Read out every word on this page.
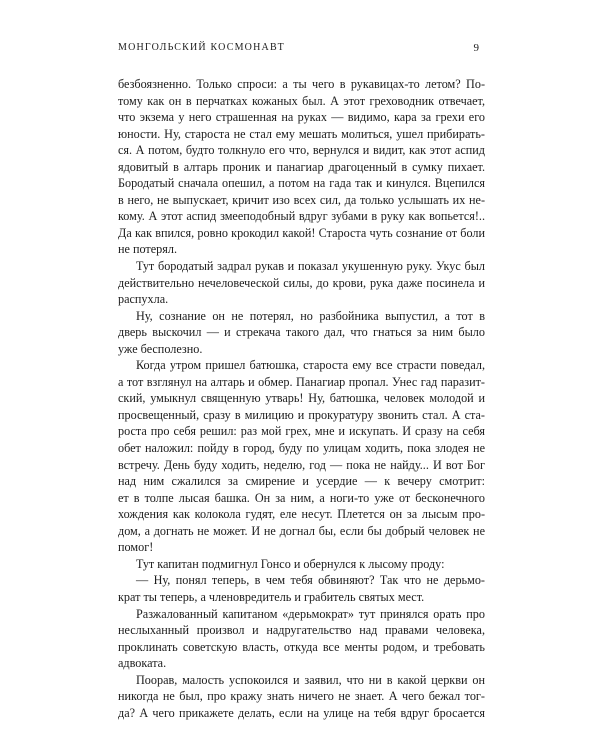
МОНГОЛЬСКИЙ КОСМОНАВТ	9
безбоязненно. Только спроси: а ты чего в рукавицах-то летом? По-
тому как он в перчатках кожаных был. А этот греховодник отвечает,
что экзема у него страшенная на руках — видимо, кара за грехи его
юности. Ну, староста не стал ему мешать молиться, ушел прибирать-
ся. А потом, будто толкнуло его что, вернулся и видит, как этот аспид
ядовитый в алтарь проник и панагиар драгоценный в сумку пихает.
Бородатый сначала опешил, а потом на гада так и кинулся. Вцепился
в него, не выпускает, кричит изо всех сил, да только услышать их не-
кому. А этот аспид змееподобный вдруг зубами в руку как вопьется!..
Да как впился, ровно крокодил какой! Староста чуть сознание от боли
не потерял.
Тут бородатый задрал рукав и показал укушенную руку. Укус был
действительно нечеловеческой силы, до крови, рука даже посинела и
распухла.
Ну, сознание он не потерял, но разбойника выпустил, а тот в
дверь выскочил — и стрекача такого дал, что гнаться за ним было
уже бесполезно.
Когда утром пришел батюшка, староста ему все страсти поведал,
а тот взглянул на алтарь и обмер. Панагиар пропал. Унес гад паразит-
ский, умыкнул священную утварь! Ну, батюшка, человек молодой и
просвещенный, сразу в милицию и прокуратуру звонить стал. А ста-
роста про себя решил: раз мой грех, мне и искупать. И сразу на себя
обет наложил: пойду в город, буду по улицам ходить, пока злодея не
встречу. День буду ходить, неделю, год — пока не найду... И вот Бог
над ним сжалился за смирение и усердие — к вечеру смотрит:
ет в толпе лысая башка. Он за ним, а ноги-то уже от бесконечного
хождения как колокола гудят, еле несут. Плетется он за лысым про-
дом, а догнать не может. И не догнал бы, если бы добрый человек не
помог!
Тут капитан подмигнул Гонсо и обернулся к лысому проду:
— Ну, понял теперь, в чем тебя обвиняют? Так что не дерьмо-
крат ты теперь, а членовредитель и грабитель святых мест.
Разжалованный капитаном «дерьмократ» тут принялся орать про
неслыханный произвол и надругательство над правами человека,
проклинать советскую власть, откуда все менты родом, и требовать
адвоката.
Поорав, малость успокоился и заявил, что ни в какой церкви он
никогда не был, про кражу знать ничего не знает. А чего бежал тог-
да? А чего прикажете делать, если на улице на тебя вдруг бросается
